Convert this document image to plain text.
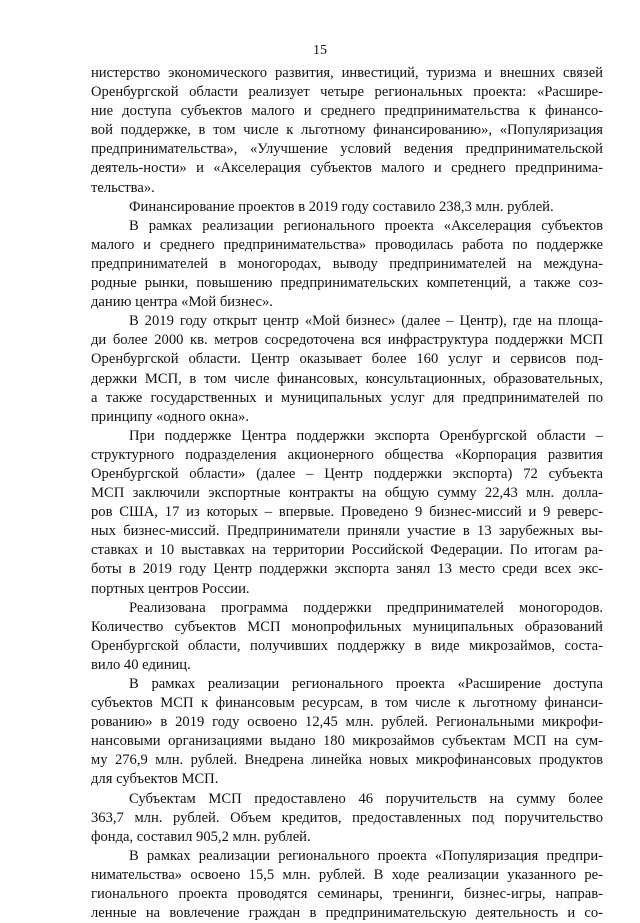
15
нистерство экономического развития, инвестиций, туризма и внешних связей
Оренбургской области реализует четыре региональных проекта: «Расшире-
ние доступа субъектов малого и среднего предпринимательства к финансо-
вой поддержке, в том числе к льготному финансированию», «Популяризация
предпринимательства», «Улучшение условий ведения предпринимательской
деятель-ности» и «Акселерация субъектов малого и среднего предпринима-
тельства».
Финансирование проектов в 2019 году составило 238,3 млн. рублей.
В рамках реализации регионального проекта «Акселерация субъектов
малого и среднего предпринимательства» проводилась работа по поддержке
предпринимателей в моногородах, выводу предпринимателей на междуна-
родные рынки, повышению предпринимательских компетенций, а также соз-
данию центра «Мой бизнес».
В 2019 году открыт центр «Мой бизнес» (далее – Центр), где на площа-
ди более 2000 кв. метров сосредоточена вся инфраструктура поддержки МСП
Оренбургской области. Центр оказывает более 160 услуг и сервисов под-
держки МСП, в том числе финансовых, консультационных, образовательных,
а также государственных и муниципальных услуг для предпринимателей по
принципу «одного окна».
При поддержке Центра поддержки экспорта Оренбургской области –
структурного подразделения акционерного общества «Корпорация развития
Оренбургской области» (далее – Центр поддержки экспорта) 72 субъекта
МСП заключили экспортные контракты на общую сумму 22,43 млн. долла-
ров США, 17 из которых – впервые. Проведено 9 бизнес-миссий и 9 реверс-
ных бизнес-миссий. Предприниматели приняли участие в 13 зарубежных вы-
ставках и 10 выставках на территории Российской Федерации. По итогам ра-
боты в 2019 году Центр поддержки экспорта занял 13 место среди всех экс-
портных центров России.
Реализована программа поддержки предпринимателей моногородов.
Количество субъектов МСП монопрофильных муниципальных образований
Оренбургской области, получивших поддержку в виде микрозаймов, соста-
вило 40 единиц.
В рамках реализации регионального проекта «Расширение доступа
субъектов МСП к финансовым ресурсам, в том числе к льготному финанси-
рованию» в 2019 году освоено 12,45 млн. рублей. Региональными микрофи-
нансовыми организациями выдано 180 микрозаймов субъектам МСП на сум-
му 276,9 млн. рублей. Внедрена линейка новых микрофинансовых продуктов
для субъектов МСП.
Субъектам МСП предоставлено 46 поручительств на сумму более
363,7 млн. рублей. Объем кредитов, предоставленных под поручительство
фонда, составил 905,2 млн. рублей.
В рамках реализации регионального проекта «Популяризация предпри-
нимательства» освоено 15,5 млн. рублей. В ходе реализации указанного ре-
гионального проекта проводятся семинары, тренинги, бизнес-игры, направ-
ленные на вовлечение граждан в предпринимательскую деятельность и со-
